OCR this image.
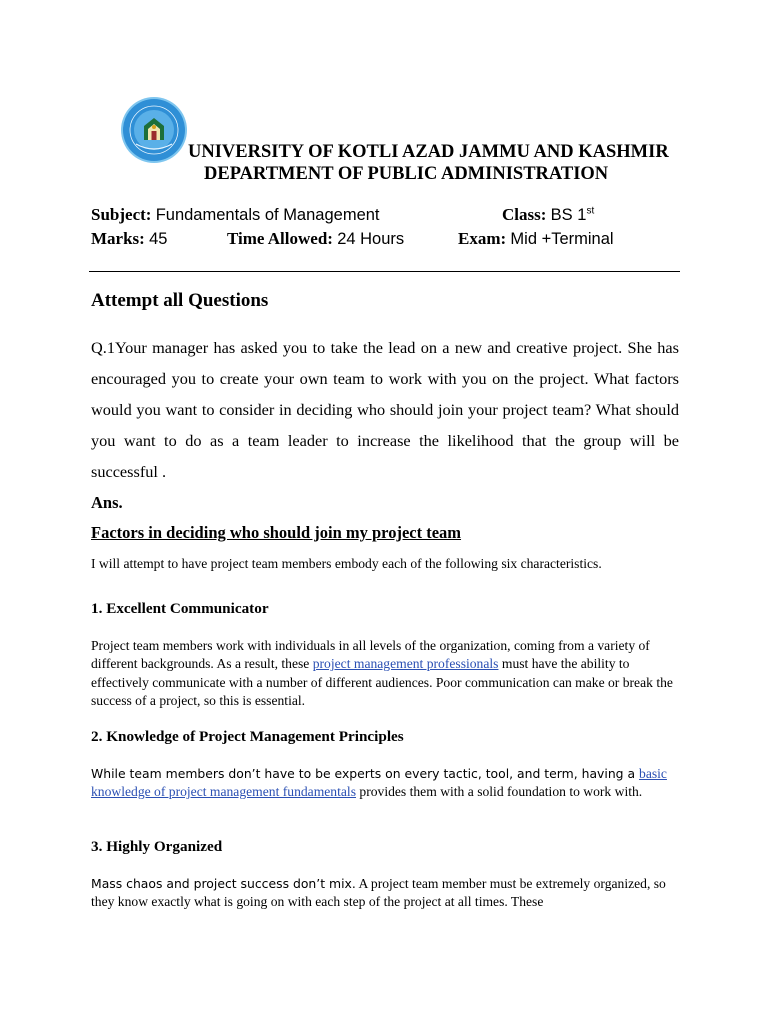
UNIVERSITY OF KOTLI AZAD JAMMU AND KASHMIR
DEPARTMENT OF PUBLIC ADMINISTRATION
Subject: Fundamentals of Management	Class: BS 1st
Marks: 45	Time Allowed: 24 Hours	Exam: Mid +Terminal
Attempt all Questions
Q.1Your manager has asked you to take the lead on a new and creative project. She has encouraged you to create your own team to work with you on the project. What factors would you want to consider in deciding who should join your project team? What should you want to do as a team leader to increase the likelihood that the group will be successful .
Ans.
Factors in deciding who should join my project team
I will attempt to have project team members embody each of the following six characteristics.
1. Excellent Communicator
Project team members work with individuals in all levels of the organization, coming from a variety of different backgrounds. As a result, these project management professionals must have the ability to effectively communicate with a number of different audiences. Poor communication can make or break the success of a project, so this is essential.
2. Knowledge of Project Management Principles
While team members don’t have to be experts on every tactic, tool, and term, having a basic knowledge of project management fundamentals provides them with a solid foundation to work with.
3. Highly Organized
Mass chaos and project success don’t mix. A project team member must be extremely organized, so they know exactly what is going on with each step of the project at all times. These
